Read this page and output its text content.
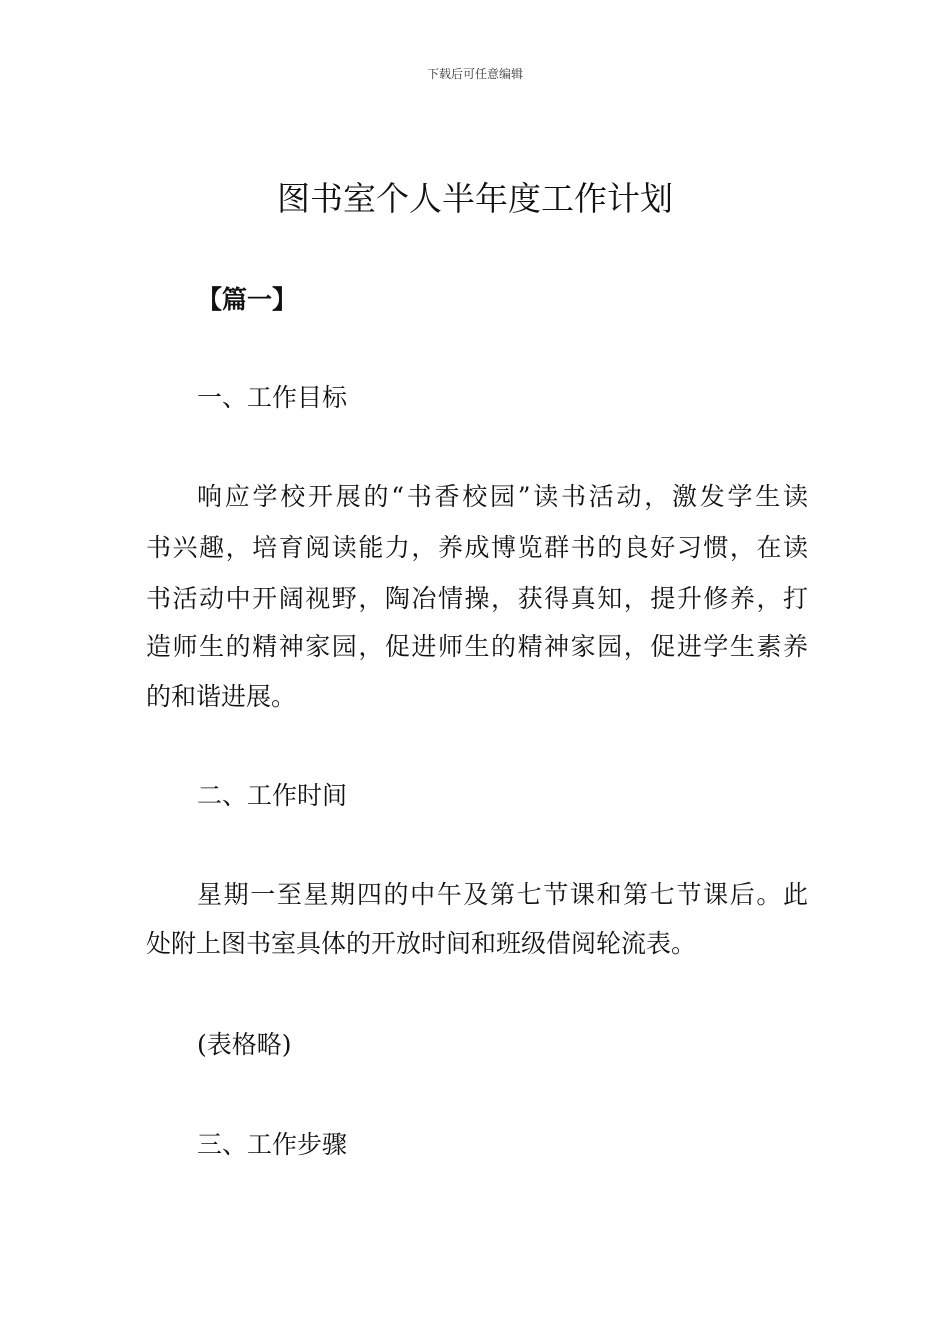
下载后可任意编辑
图书室个人半年度工作计划
【篇一】
一、工作目标
响应学校开展的“书香校园”读书活动，激发学生读
书兴趣，培育阅读能力，养成博览群书的良好习惯，在读
书活动中开阔视野，陶冶情操，获得真知，提升修养，打
造师生的精神家园，促进师生的精神家园，促进学生素养
的和谐进展。
二、工作时间
星期一至星期四的中午及第七节课和第七节课后。此
处附上图书室具体的开放时间和班级借阅轮流表。
(表格略)
三、工作步骤
